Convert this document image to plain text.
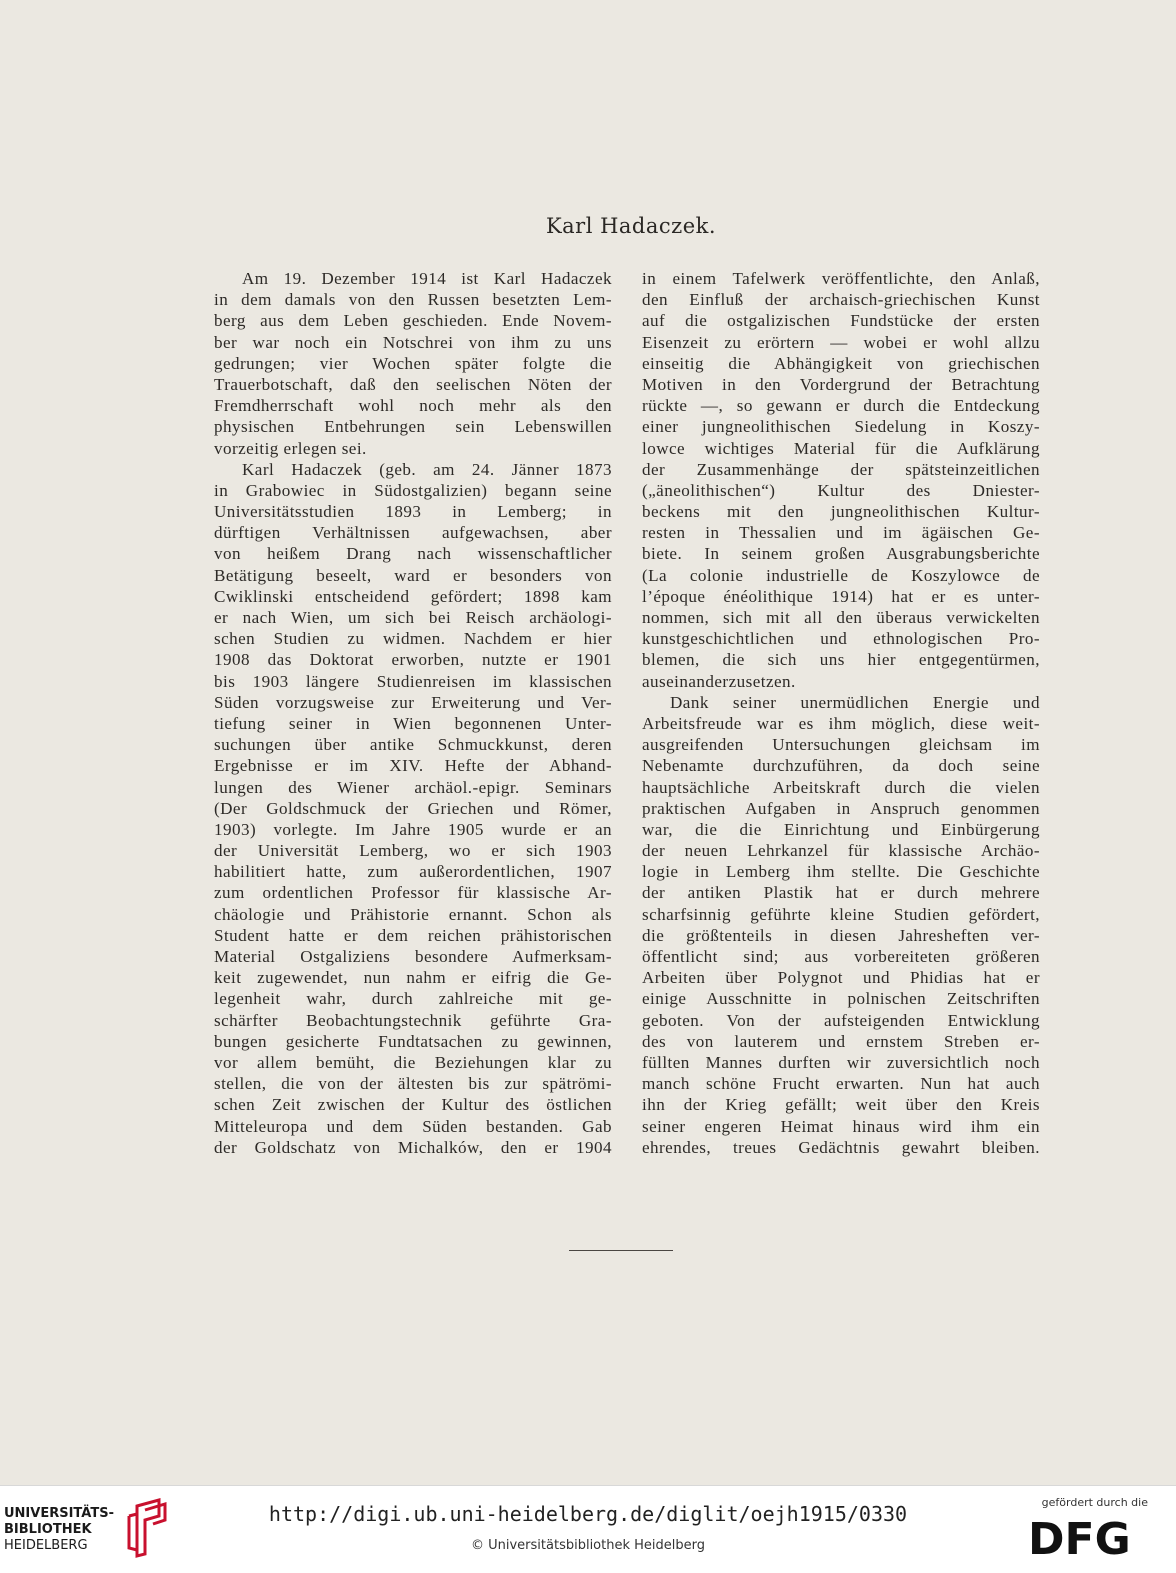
Karl Hadaczek.
Am 19. Dezember 1914 ist Karl Hadaczek
in dem damals von den Russen besetzten Lem-
berg aus dem Leben geschieden. Ende Novem-
ber war noch ein Notschrei von ihm zu uns
gedrungen; vier Wochen später folgte die
Trauerbotschaft, daß den seelischen Nöten der
Fremdherrschaft wohl noch mehr als den
physischen Entbehrungen sein Lebenswillen
vorzeitig erlegen sei.
Karl Hadaczek (geb. am 24. Jänner 1873
in Grabowiec in Südostgalizien) begann seine
Universitätsstudien 1893 in Lemberg; in
dürftigen Verhältnissen aufgewachsen, aber
von heißem Drang nach wissenschaftlicher
Betätigung beseelt, ward er besonders von
Cwiklinski entscheidend gefördert; 1898 kam
er nach Wien, um sich bei Reisch archäologi-
schen Studien zu widmen. Nachdem er hier
1908 das Doktorat erworben, nutzte er 1901
bis 1903 längere Studienreisen im klassischen
Süden vorzugsweise zur Erweiterung und Ver-
tiefung seiner in Wien begonnenen Unter-
suchungen über antike Schmuckkunst, deren
Ergebnisse er im XIV. Hefte der Abhand-
lungen des Wiener archäol.-epigr. Seminars
(Der Goldschmuck der Griechen und Römer,
1903) vorlegte. Im Jahre 1905 wurde er an
der Universität Lemberg, wo er sich 1903
habilitiert hatte, zum außerordentlichen, 1907
zum ordentlichen Professor für klassische Ar-
chäologie und Prähistorie ernannt. Schon als
Student hatte er dem reichen prähistorischen
Material Ostgaliziens besondere Aufmerksam-
keit zugewendet, nun nahm er eifrig die Ge-
legenheit wahr, durch zahlreiche mit ge-
schärfter Beobachtungstechnik geführte Gra-
bungen gesicherte Fundtatsachen zu gewinnen,
vor allem bemüht, die Beziehungen klar zu
stellen, die von der ältesten bis zur spätrömi-
schen Zeit zwischen der Kultur des östlichen
Mitteleuropa und dem Süden bestanden. Gab
der Goldschatz von Michalków, den er 1904
in einem Tafelwerk veröffentlichte, den Anlaß,
den Einfluß der archaisch-griechischen Kunst
auf die ostgalizischen Fundstücke der ersten
Eisenzeit zu erörtern — wobei er wohl allzu
einseitig die Abhängigkeit von griechischen
Motiven in den Vordergrund der Betrachtung
rückte —, so gewann er durch die Entdeckung
einer jungneolithischen Siedelung in Koszy-
lowce wichtiges Material für die Aufklärung
der Zusammenhänge der spätsteinzeitlichen
(„äneolithischen“) Kultur des Dniester-
beckens mit den jungneolithischen Kultur-
resten in Thessalien und im ägäischen Ge-
biete. In seinem großen Ausgrabungsberichte
(La colonie industrielle de Koszylowce de
l’époque énéolithique 1914) hat er es unter-
nommen, sich mit all den überaus verwickelten
kunstgeschichtlichen und ethnologischen Pro-
blemen, die sich uns hier entgegentürmen,
auseinanderzusetzen.
Dank seiner unermüdlichen Energie und
Arbeitsfreude war es ihm möglich, diese weit-
ausgreifenden Untersuchungen gleichsam im
Nebenamte durchzuführen, da doch seine
hauptsächliche Arbeitskraft durch die vielen
praktischen Aufgaben in Anspruch genommen
war, die die Einrichtung und Einbürgerung
der neuen Lehrkanzel für klassische Archäo-
logie in Lemberg ihm stellte. Die Geschichte
der antiken Plastik hat er durch mehrere
scharfsinnig geführte kleine Studien gefördert,
die größtenteils in diesen Jahresheften ver-
öffentlicht sind; aus vorbereiteten größeren
Arbeiten über Polygnot und Phidias hat er
einige Ausschnitte in polnischen Zeitschriften
geboten. Von der aufsteigenden Entwicklung
des von lauterem und ernstem Streben er-
füllten Mannes durften wir zuversichtlich noch
manch schöne Frucht erwarten. Nun hat auch
ihn der Krieg gefällt; weit über den Kreis
seiner engeren Heimat hinaus wird ihm ein
ehrendes, treues Gedächtnis gewahrt bleiben.
UNIVERSITÄTS-
BIBLIOTHEK
HEIDELBERG
http://digi.ub.uni-heidelberg.de/diglit/oejh1915/0330
© Universitätsbibliothek Heidelberg
gefördert durch die
DFG
